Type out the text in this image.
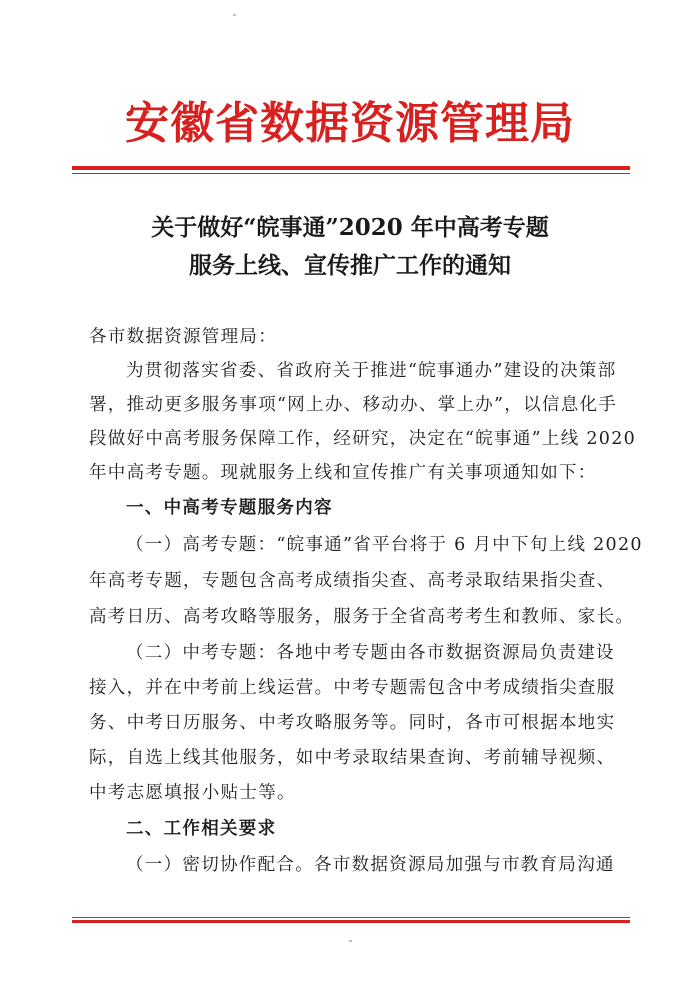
安徽省数据资源管理局
关于做好“皖事通”2020 年中高考专题
服务上线、宣传推广工作的通知
各市数据资源管理局：
为贯彻落实省委、省政府关于推进“皖事通办”建设的决策部
署，推动更多服务事项“网上办、移动办、掌上办”，以信息化手
段做好中高考服务保障工作，经研究，决定在“皖事通”上线 2020
年中高考专题。现就服务上线和宣传推广有关事项通知如下：
一、中高考专题服务内容
（一）高考专题：“皖事通”省平台将于 6 月中下旬上线 2020
年高考专题，专题包含高考成绩指尖查、高考录取结果指尖查、
高考日历、高考攻略等服务，服务于全省高考考生和教师、家长。
（二）中考专题：各地中考专题由各市数据资源局负责建设
接入，并在中考前上线运营。中考专题需包含中考成绩指尖查服
务、中考日历服务、中考攻略服务等。同时，各市可根据本地实
际，自选上线其他服务，如中考录取结果查询、考前辅导视频、
中考志愿填报小贴士等。
二、工作相关要求
（一）密切协作配合。各市数据资源局加强与市教育局沟通
